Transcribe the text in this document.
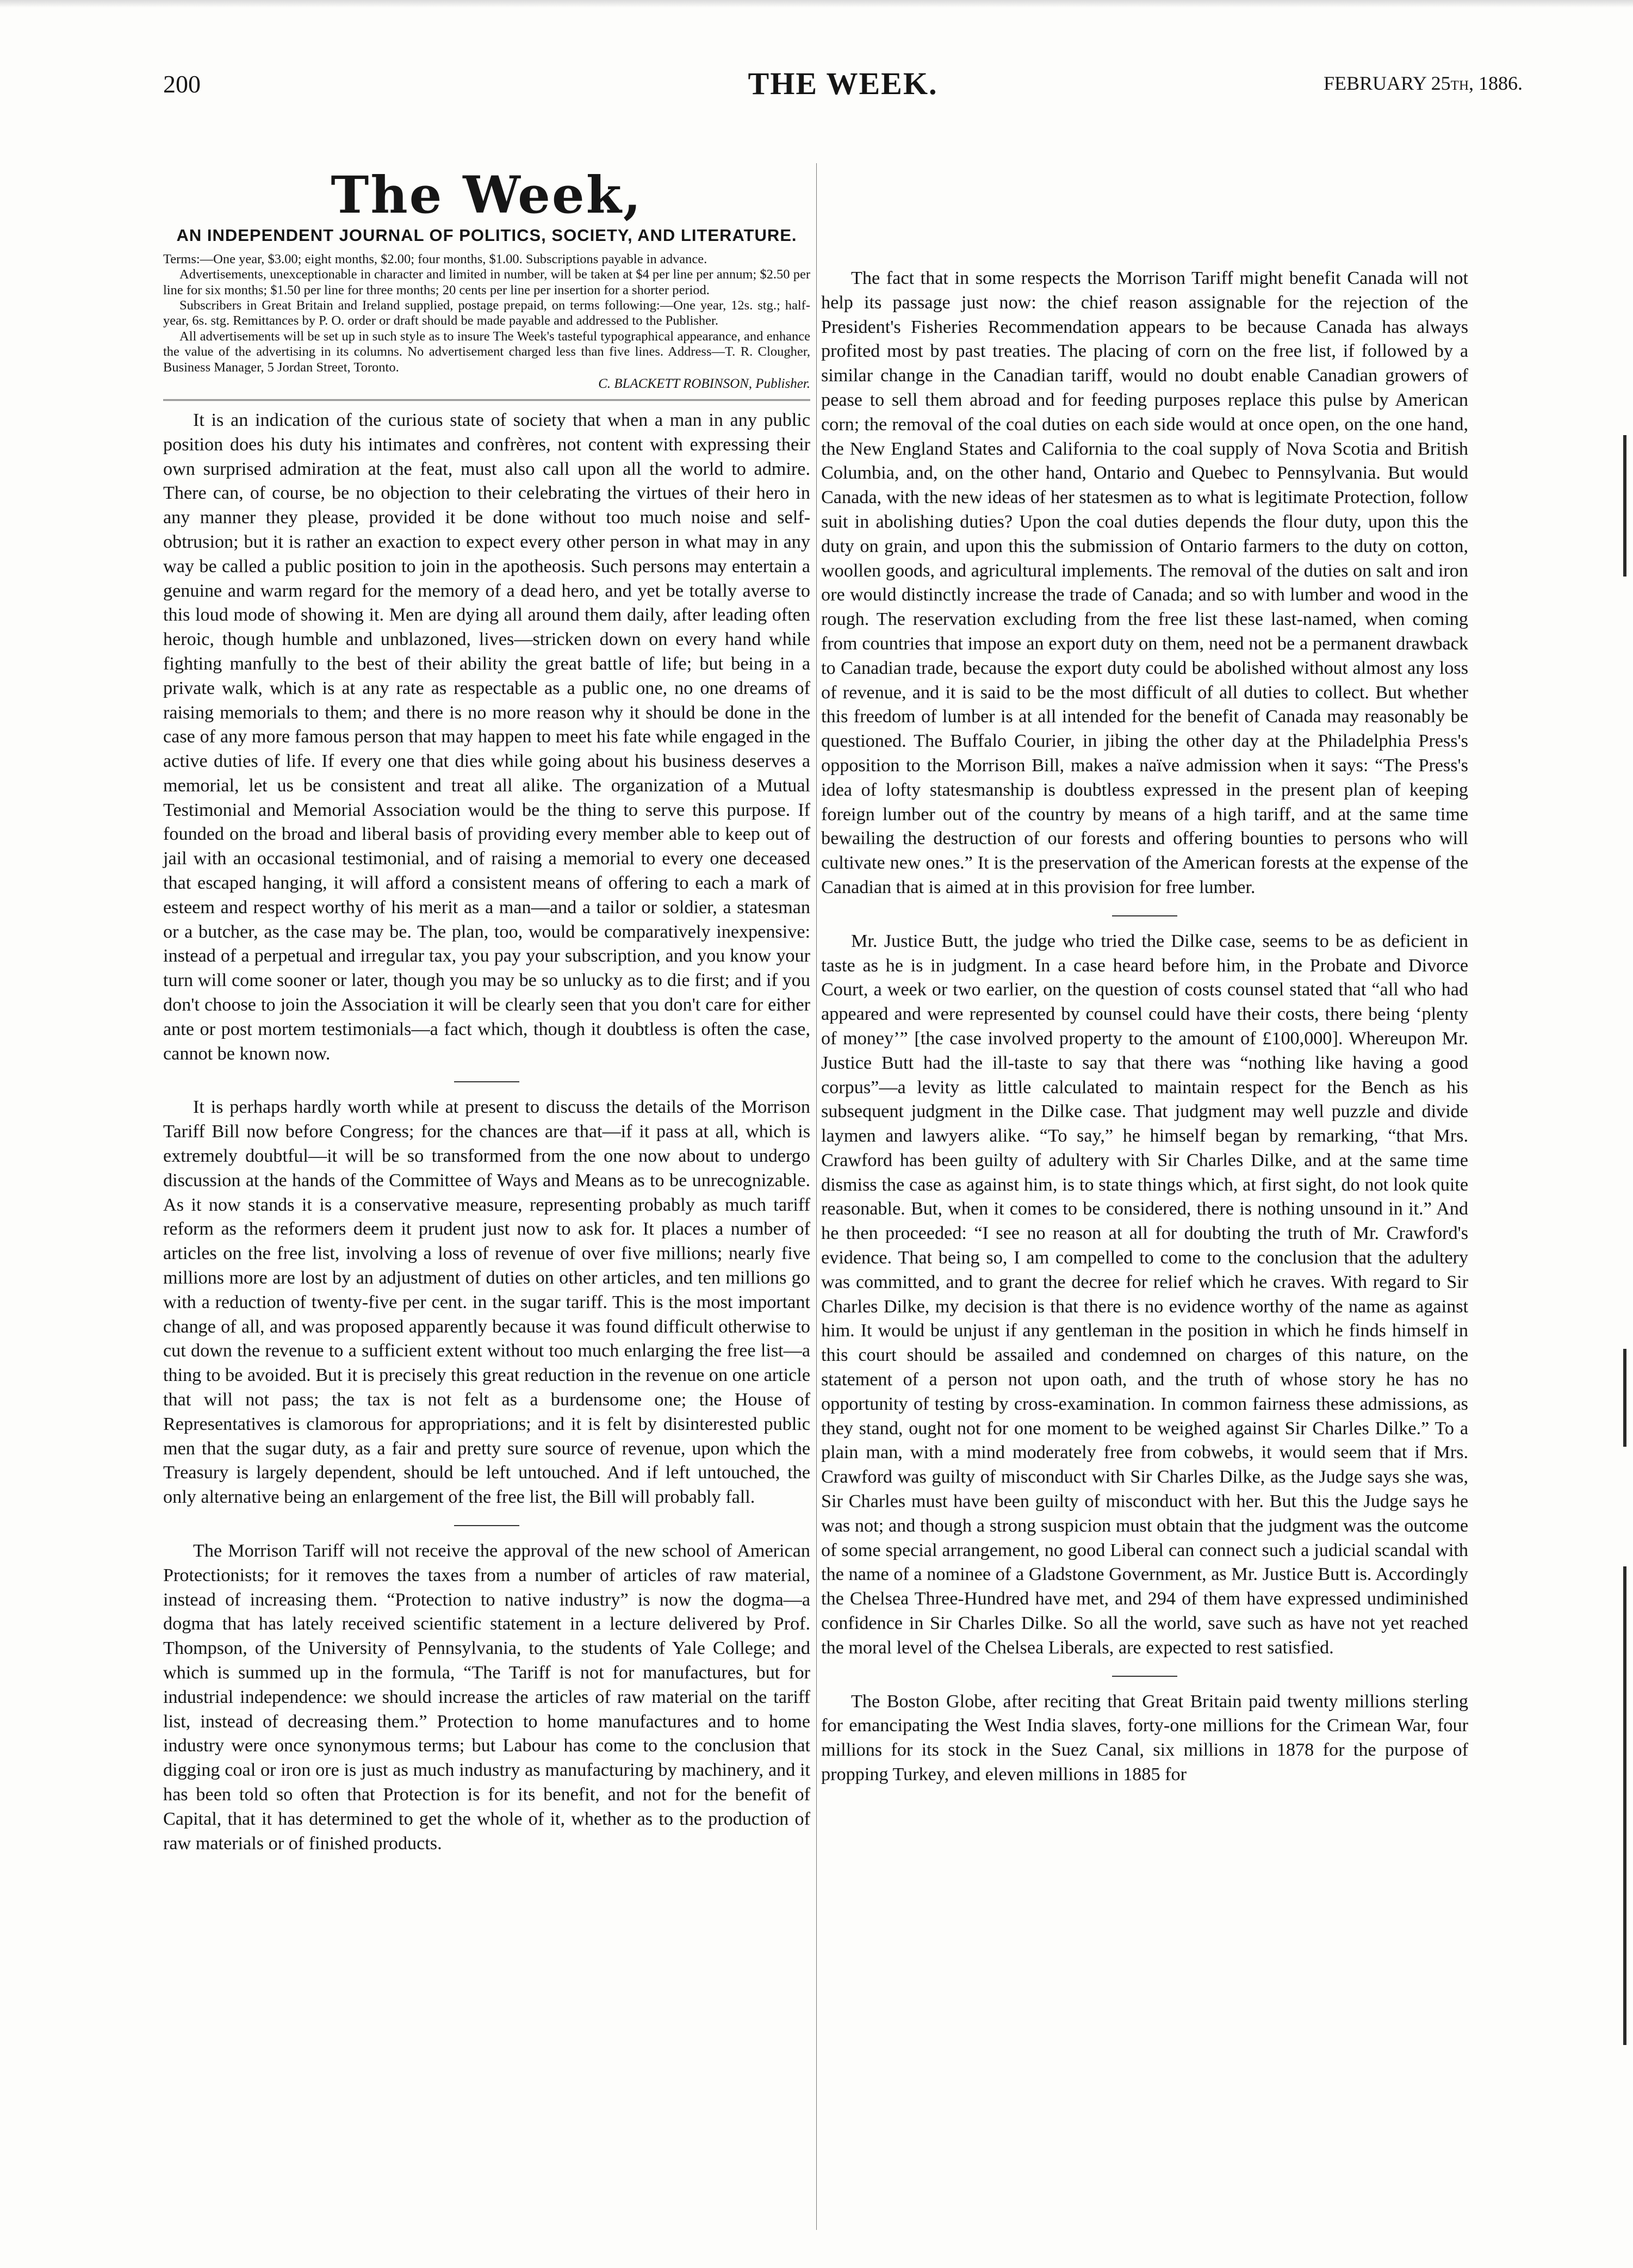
200	THE WEEK.	FEBRUARY 25th, 1886.
The Week,
AN INDEPENDENT JOURNAL OF POLITICS, SOCIETY, AND LITERATURE.

Terms:—One year, $3.00; eight months, $2.00; four months, $1.00. Subscriptions payable in advance.

Advertisements, unexceptionable in character and limited in number, will be taken at $4 per line per annum; $2.50 per line for six months; $1.50 per line for three months; 20 cents per line per insertion for a shorter period.

Subscribers in Great Britain and Ireland supplied, postage prepaid, on terms following:—One year, 12s. stg.; half-year, 6s. stg. Remittances by P. O. order or draft should be made payable and addressed to the Publisher.

All advertisements will be set up in such style as to insure The Week's tasteful typographical appearance, and enhance the value of the advertising in its columns. No advertisement charged less than five lines. Address—T. R. Clougher, Business Manager, 5 Jordan Street, Toronto.

C. BLACKETT ROBINSON, Publisher.

It is an indication of the curious state of society that when a man in any public position does his duty his intimates and confrères, not content with expressing their own surprised admiration at the feat, must also call upon all the world to admire. There can, of course, be no objection to their celebrating the virtues of their hero in any manner they please, provided it be done without too much noise and self-obtrusion; but it is rather an exaction to expect every other person in what may in any way be called a public position to join in the apotheosis. Such persons may entertain a genuine and warm regard for the memory of a dead hero, and yet be totally averse to this loud mode of showing it. Men are dying all around them daily, after leading often heroic, though humble and unblazoned, lives—stricken down on every hand while fighting manfully to the best of their ability the great battle of life; but being in a private walk, which is at any rate as respectable as a public one, no one dreams of raising memorials to them; and there is no more reason why it should be done in the case of any more famous person that may happen to meet his fate while engaged in the active duties of life. If every one that dies while going about his business deserves a memorial, let us be consistent and treat all alike. The organization of a Mutual Testimonial and Memorial Association would be the thing to serve this purpose. If founded on the broad and liberal basis of providing every member able to keep out of jail with an occasional testimonial, and of raising a memorial to every one deceased that escaped hanging, it will afford a consistent means of offering to each a mark of esteem and respect worthy of his merit as a man—and a tailor or soldier, a statesman or a butcher, as the case may be. The plan, too, would be comparatively inexpensive: instead of a perpetual and irregular tax, you pay your subscription, and you know your turn will come sooner or later, though you may be so unlucky as to die first; and if you don't choose to join the Association it will be clearly seen that you don't care for either ante or post mortem testimonials—a fact which, though it doubtless is often the case, cannot be known now.

It is perhaps hardly worth while at present to discuss the details of the Morrison Tariff Bill now before Congress; for the chances are that—if it pass at all, which is extremely doubtful—it will be so transformed from the one now about to undergo discussion at the hands of the Committee of Ways and Means as to be unrecognizable. As it now stands it is a conservative measure, representing probably as much tariff reform as the reformers deem it prudent just now to ask for. It places a number of articles on the free list, involving a loss of revenue of over five millions; nearly five millions more are lost by an adjustment of duties on other articles, and ten millions go with a reduction of twenty-five per cent. in the sugar tariff. This is the most important change of all, and was proposed apparently because it was found difficult otherwise to cut down the revenue to a sufficient extent without too much enlarging the free list—a thing to be avoided. But it is precisely this great reduction in the revenue on one article that will not pass; the tax is not felt as a burdensome one; the House of Representatives is clamorous for appropriations; and it is felt by disinterested public men that the sugar duty, as a fair and pretty sure source of revenue, upon which the Treasury is largely dependent, should be left untouched. And if left untouched, the only alternative being an enlargement of the free list, the Bill will probably fall.

The Morrison Tariff will not receive the approval of the new school of American Protectionists; for it removes the taxes from a number of articles of raw material, instead of increasing them. “Protection to native industry” is now the dogma—a dogma that has lately received scientific statement in a lecture delivered by Prof. Thompson, of the University of Pennsylvania, to the students of Yale College; and which is summed up in the formula, “The Tariff is not for manufactures, but for industrial independence: we should increase the articles of raw material on the tariff list, instead of decreasing them.” Protection to home manufactures and to home industry were once synonymous terms; but Labour has come to the conclusion that digging coal or iron ore is just as much industry as manufacturing by machinery, and it has been told so often that Protection is for its benefit, and not for the benefit of Capital, that it has determined to get the whole of it, whether as to the production of raw materials or of finished products.

The fact that in some respects the Morrison Tariff might benefit Canada will not help its passage just now: the chief reason assignable for the rejection of the President's Fisheries Recommendation appears to be because Canada has always profited most by past treaties. The placing of corn on the free list, if followed by a similar change in the Canadian tariff, would no doubt enable Canadian growers of pease to sell them abroad and for feeding purposes replace this pulse by American corn; the removal of the coal duties on each side would at once open, on the one hand, the New England States and California to the coal supply of Nova Scotia and British Columbia, and, on the other hand, Ontario and Quebec to Pennsylvania. But would Canada, with the new ideas of her statesmen as to what is legitimate Protection, follow suit in abolishing duties? Upon the coal duties depends the flour duty, upon this the duty on grain, and upon this the submission of Ontario farmers to the duty on cotton, woollen goods, and agricultural implements. The removal of the duties on salt and iron ore would distinctly increase the trade of Canada; and so with lumber and wood in the rough. The reservation excluding from the free list these last-named, when coming from countries that impose an export duty on them, need not be a permanent drawback to Canadian trade, because the export duty could be abolished without almost any loss of revenue, and it is said to be the most difficult of all duties to collect. But whether this freedom of lumber is at all intended for the benefit of Canada may reasonably be questioned. The Buffalo Courier, in jibing the other day at the Philadelphia Press's opposition to the Morrison Bill, makes a naïve admission when it says: “The Press's idea of lofty statesmanship is doubtless expressed in the present plan of keeping foreign lumber out of the country by means of a high tariff, and at the same time bewailing the destruction of our forests and offering bounties to persons who will cultivate new ones.” It is the preservation of the American forests at the expense of the Canadian that is aimed at in this provision for free lumber.

Mr. Justice Butt, the judge who tried the Dilke case, seems to be as deficient in taste as he is in judgment. In a case heard before him, in the Probate and Divorce Court, a week or two earlier, on the question of costs counsel stated that “all who had appeared and were represented by counsel could have their costs, there being ‘plenty of money’” [the case involved property to the amount of £100,000]. Whereupon Mr. Justice Butt had the ill-taste to say that there was “nothing like having a good corpus”—a levity as little calculated to maintain respect for the Bench as his subsequent judgment in the Dilke case. That judgment may well puzzle and divide laymen and lawyers alike. “To say,” he himself began by remarking, “that Mrs. Crawford has been guilty of adultery with Sir Charles Dilke, and at the same time dismiss the case as against him, is to state things which, at first sight, do not look quite reasonable. But, when it comes to be considered, there is nothing unsound in it.” And he then proceeded: “I see no reason at all for doubting the truth of Mr. Crawford's evidence. That being so, I am compelled to come to the conclusion that the adultery was committed, and to grant the decree for relief which he craves. With regard to Sir Charles Dilke, my decision is that there is no evidence worthy of the name as against him. It would be unjust if any gentleman in the position in which he finds himself in this court should be assailed and condemned on charges of this nature, on the statement of a person not upon oath, and the truth of whose story he has no opportunity of testing by cross-examination. In common fairness these admissions, as they stand, ought not for one moment to be weighed against Sir Charles Dilke.” To a plain man, with a mind moderately free from cobwebs, it would seem that if Mrs. Crawford was guilty of misconduct with Sir Charles Dilke, as the Judge says she was, Sir Charles must have been guilty of misconduct with her. But this the Judge says he was not; and though a strong suspicion must obtain that the judgment was the outcome of some special arrangement, no good Liberal can connect such a judicial scandal with the name of a nominee of a Gladstone Government, as Mr. Justice Butt is. Accordingly the Chelsea Three-Hundred have met, and 294 of them have expressed undiminished confidence in Sir Charles Dilke. So all the world, save such as have not yet reached the moral level of the Chelsea Liberals, are expected to rest satisfied.

The Boston Globe, after reciting that Great Britain paid twenty millions sterling for emancipating the West India slaves, forty-one millions for the Crimean War, four millions for its stock in the Suez Canal, six millions in 1878 for the purpose of propping Turkey, and eleven millions in 1885 for
